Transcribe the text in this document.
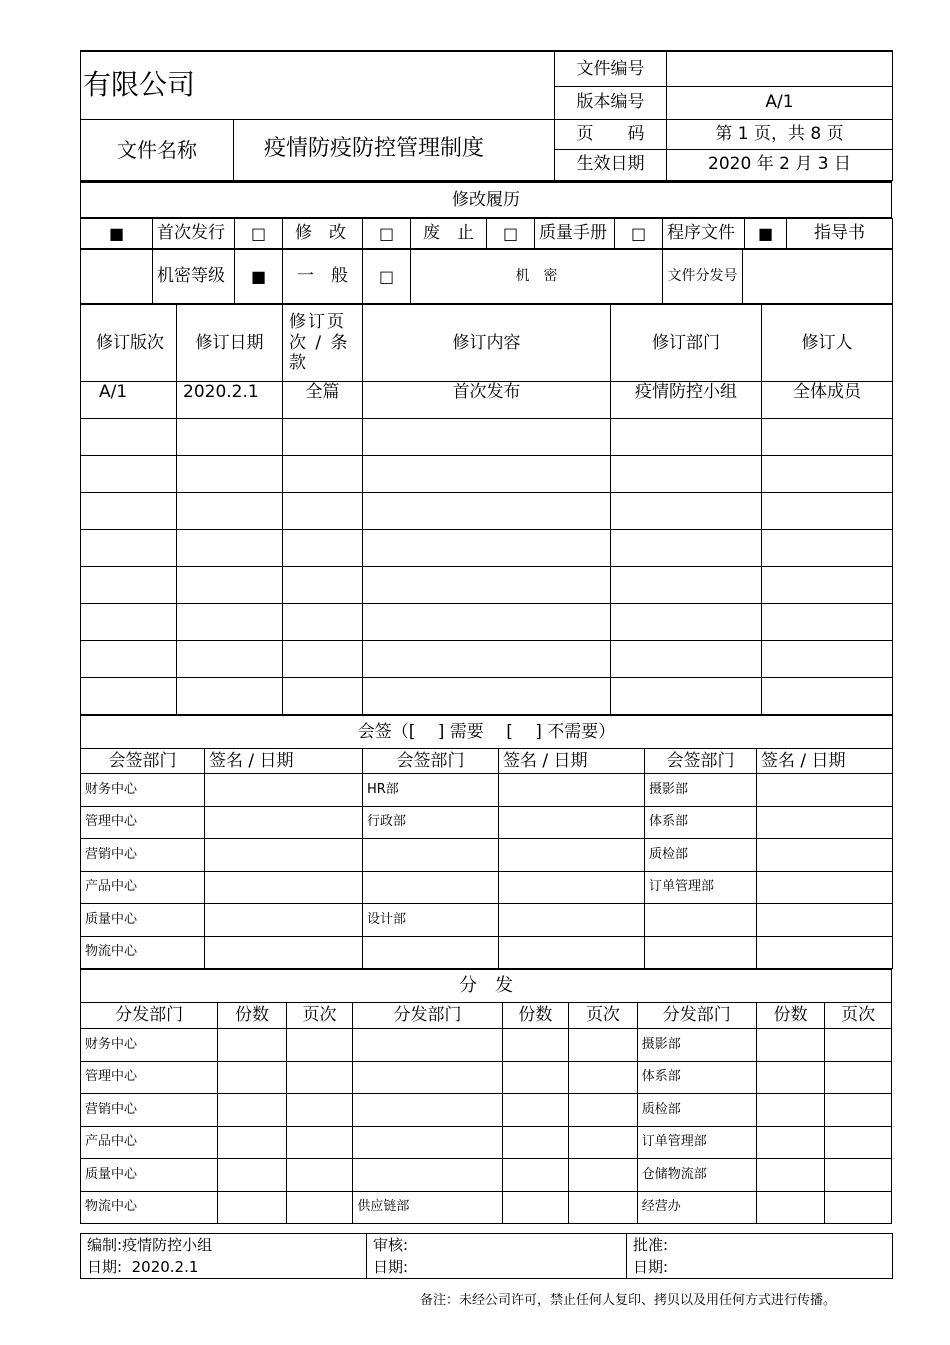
有限公司		文件编号	
		版本编号	A/1
文件名称	疫情防疫防控管理制度	页　　码	第 1 页，共 8 页
		生效日期	2020 年 2 月 3 日
修改履历
■	首次发行	□	修　改	□	废　止	□	质量手册	□	程序文件	■	指导书
	机密等级	■	一　般	□	机　密	文件分发号	
修订版次	修订日期	修订页次 / 条款	修订内容	修订部门	修订人
A/1	2020.2.1	全篇	首次发布	疫情防控小组	全体成员

会签（[　 ] 需要　 [　 ] 不需要）					
会签部门	签名 / 日期	会签部门	签名 / 日期	会签部门	签名 / 日期
财务中心		HR部		摄影部	
管理中心		行政部		体系部	
营销中心				质检部	
产品中心				订单管理部	
质量中心		设计部			
物流中心					
分　发								
分发部门	份数	页次	分发部门	份数	页次	分发部门	份数	页次
财务中心						摄影部		
管理中心						体系部		
营销中心						质检部		
产品中心						订单管理部		
质量中心						仓储物流部		
物流中心			供应链部			经营办		
编制:疫情防控小组	审核:	批准:
日期: 2020.2.1	日期:	日期:
备注：未经公司许可，禁止任何人复印、拷贝以及用任何方式进行传播。
